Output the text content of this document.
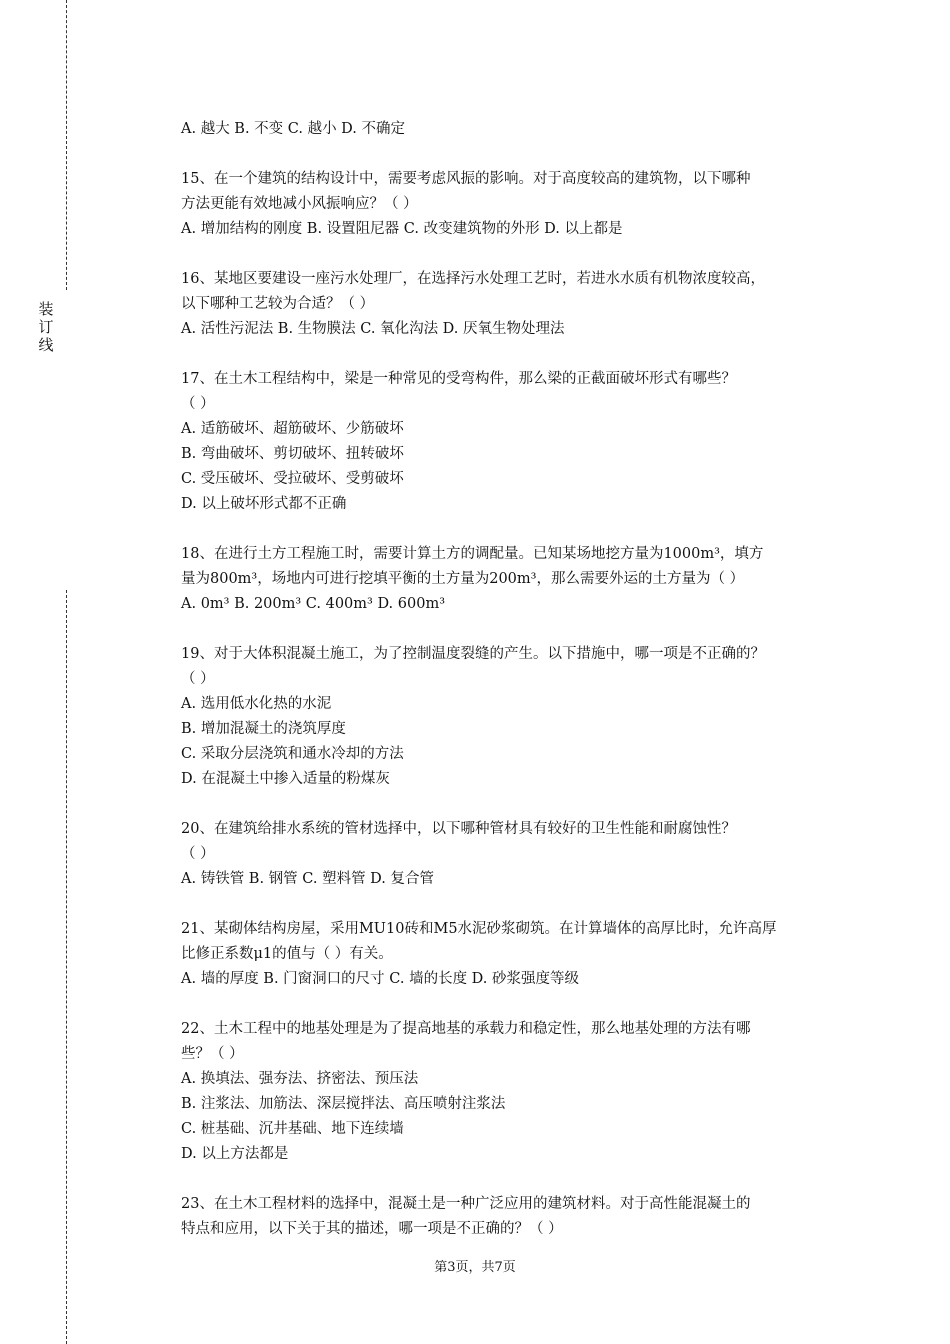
装订线
A. 越大 B. 不变 C. 越小 D. 不确定
15、在一个建筑的结构设计中，需要考虑风振的影响。对于高度较高的建筑物，以下哪种
方法更能有效地减小风振响应？（ ）
A. 增加结构的刚度 B. 设置阻尼器 C. 改变建筑物的外形 D. 以上都是
16、某地区要建设一座污水处理厂，在选择污水处理工艺时，若进水水质有机物浓度较高，
以下哪种工艺较为合适？（ ）
A. 活性污泥法 B. 生物膜法 C. 氧化沟法 D. 厌氧生物处理法
17、在土木工程结构中，梁是一种常见的受弯构件，那么梁的正截面破坏形式有哪些？
（ ）
A. 适筋破坏、超筋破坏、少筋破坏
B. 弯曲破坏、剪切破坏、扭转破坏
C. 受压破坏、受拉破坏、受剪破坏
D. 以上破坏形式都不正确
18、在进行土方工程施工时，需要计算土方的调配量。已知某场地挖方量为1000m³，填方
量为800m³，场地内可进行挖填平衡的土方量为200m³，那么需要外运的土方量为（ ）
A. 0m³ B. 200m³ C. 400m³ D. 600m³
19、对于大体积混凝土施工，为了控制温度裂缝的产生。以下措施中，哪一项是不正确的？
（ ）
A. 选用低水化热的水泥
B. 增加混凝土的浇筑厚度
C. 采取分层浇筑和通水冷却的方法
D. 在混凝土中掺入适量的粉煤灰
20、在建筑给排水系统的管材选择中，以下哪种管材具有较好的卫生性能和耐腐蚀性？
（ ）
A. 铸铁管 B. 钢管 C. 塑料管 D. 复合管
21、某砌体结构房屋，采用MU10砖和M5水泥砂浆砌筑。在计算墙体的高厚比时，允许高厚
比修正系数μ1的值与（ ）有关。
A. 墙的厚度 B. 门窗洞口的尺寸 C. 墙的长度 D. 砂浆强度等级
22、土木工程中的地基处理是为了提高地基的承载力和稳定性，那么地基处理的方法有哪
些？（ ）
A. 换填法、强夯法、挤密法、预压法
B. 注浆法、加筋法、深层搅拌法、高压喷射注浆法
C. 桩基础、沉井基础、地下连续墙
D. 以上方法都是
23、在土木工程材料的选择中，混凝土是一种广泛应用的建筑材料。对于高性能混凝土的
特点和应用，以下关于其的描述，哪一项是不正确的？（ ）
第3页，共7页
